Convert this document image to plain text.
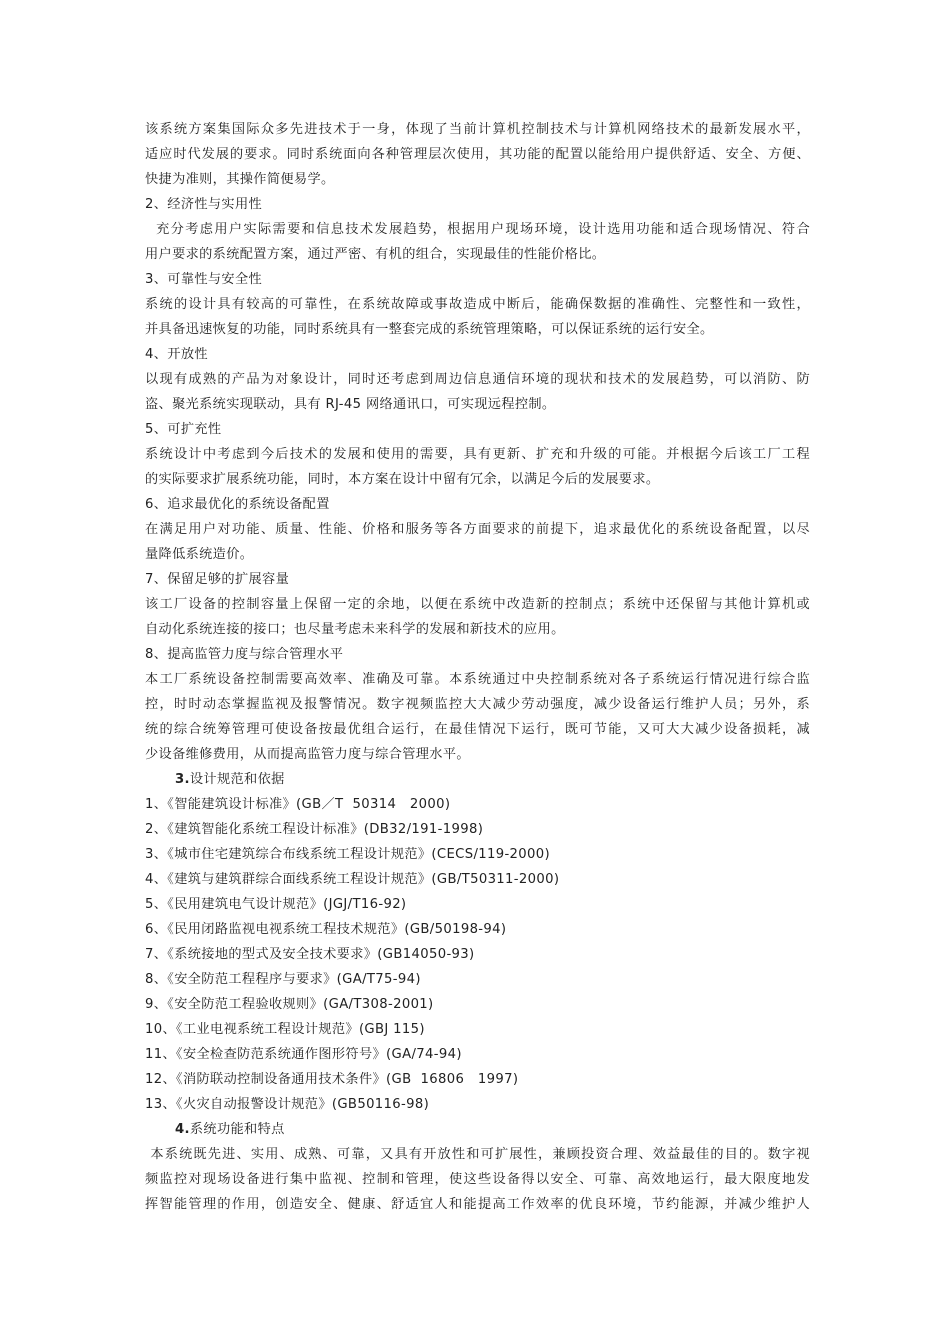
该系统方案集国际众多先进技术于一身，体现了当前计算机控制技术与计算机网络技术的最新发展水平，
适应时代发展的要求。同时系统面向各种管理层次使用，其功能的配置以能给用户提供舒适、安全、方便、
快捷为准则，其操作简便易学。
2、经济性与实用性
充分考虑用户实际需要和信息技术发展趋势，根据用户现场环境，设计选用功能和适合现场情况、符合
用户要求的系统配置方案，通过严密、有机的组合，实现最佳的性能价格比。
3、可靠性与安全性
系统的设计具有较高的可靠性，在系统故障或事故造成中断后，能确保数据的准确性、完整性和一致性，
并具备迅速恢复的功能，同时系统具有一整套完成的系统管理策略，可以保证系统的运行安全。
4、开放性
以现有成熟的产品为对象设计，同时还考虑到周边信息通信环境的现状和技术的发展趋势，可以消防、防
盗、聚光系统实现联动，具有 RJ-45 网络通讯口，可实现远程控制。
5、可扩充性
系统设计中考虑到今后技术的发展和使用的需要，具有更新、扩充和升级的可能。并根据今后该工厂工程
的实际要求扩展系统功能，同时，本方案在设计中留有冗余，以满足今后的发展要求。
6、追求最优化的系统设备配置
在满足用户对功能、质量、性能、价格和服务等各方面要求的前提下，追求最优化的系统设备配置，以尽
量降低系统造价。
7、保留足够的扩展容量
该工厂设备的控制容量上保留一定的余地，以便在系统中改造新的控制点；系统中还保留与其他计算机或
自动化系统连接的接口；也尽量考虑未来科学的发展和新技术的应用。
8、提高监管力度与综合管理水平
本工厂系统设备控制需要高效率、准确及可靠。本系统通过中央控制系统对各子系统运行情况进行综合监
控，时时动态掌握监视及报警情况。数字视频监控大大减少劳动强度，减少设备运行维护人员；另外，系
统的综合统筹管理可使设备按最优组合运行，在最佳情况下运行，既可节能，又可大大减少设备损耗，减
少设备维修费用，从而提高监管力度与综合管理水平。
3.设计规范和依据
1、《智能建筑设计标准》(GB／T  50314   2000)
2、《建筑智能化系统工程设计标准》(DB32/191-1998)
3、《城市住宅建筑综合布线系统工程设计规范》(CECS/119-2000)
4、《建筑与建筑群综合面线系统工程设计规范》(GB/T50311-2000)
5、《民用建筑电气设计规范》(JGJ/T16-92)
6、《民用闭路监视电视系统工程技术规范》(GB/50198-94)
7、《系统接地的型式及安全技术要求》(GB14050-93)
8、《安全防范工程程序与要求》(GA/T75-94)
9、《安全防范工程验收规则》(GA/T308-2001)
10、《工业电视系统工程设计规范》(GBJ 115)
11、《安全检查防范系统通作图形符号》(GA/74-94)
12、《消防联动控制设备通用技术条件》(GB  16806   1997)
13、《火灾自动报警设计规范》(GB50116-98)
4.系统功能和特点
本系统既先进、实用、成熟、可靠，又具有开放性和可扩展性，兼顾投资合理、效益最佳的目的。数字视
频监控对现场设备进行集中监视、控制和管理，使这些设备得以安全、可靠、高效地运行，最大限度地发
挥智能管理的作用，创造安全、健康、舒适宜人和能提高工作效率的优良环境，节约能源，并减少维护人
